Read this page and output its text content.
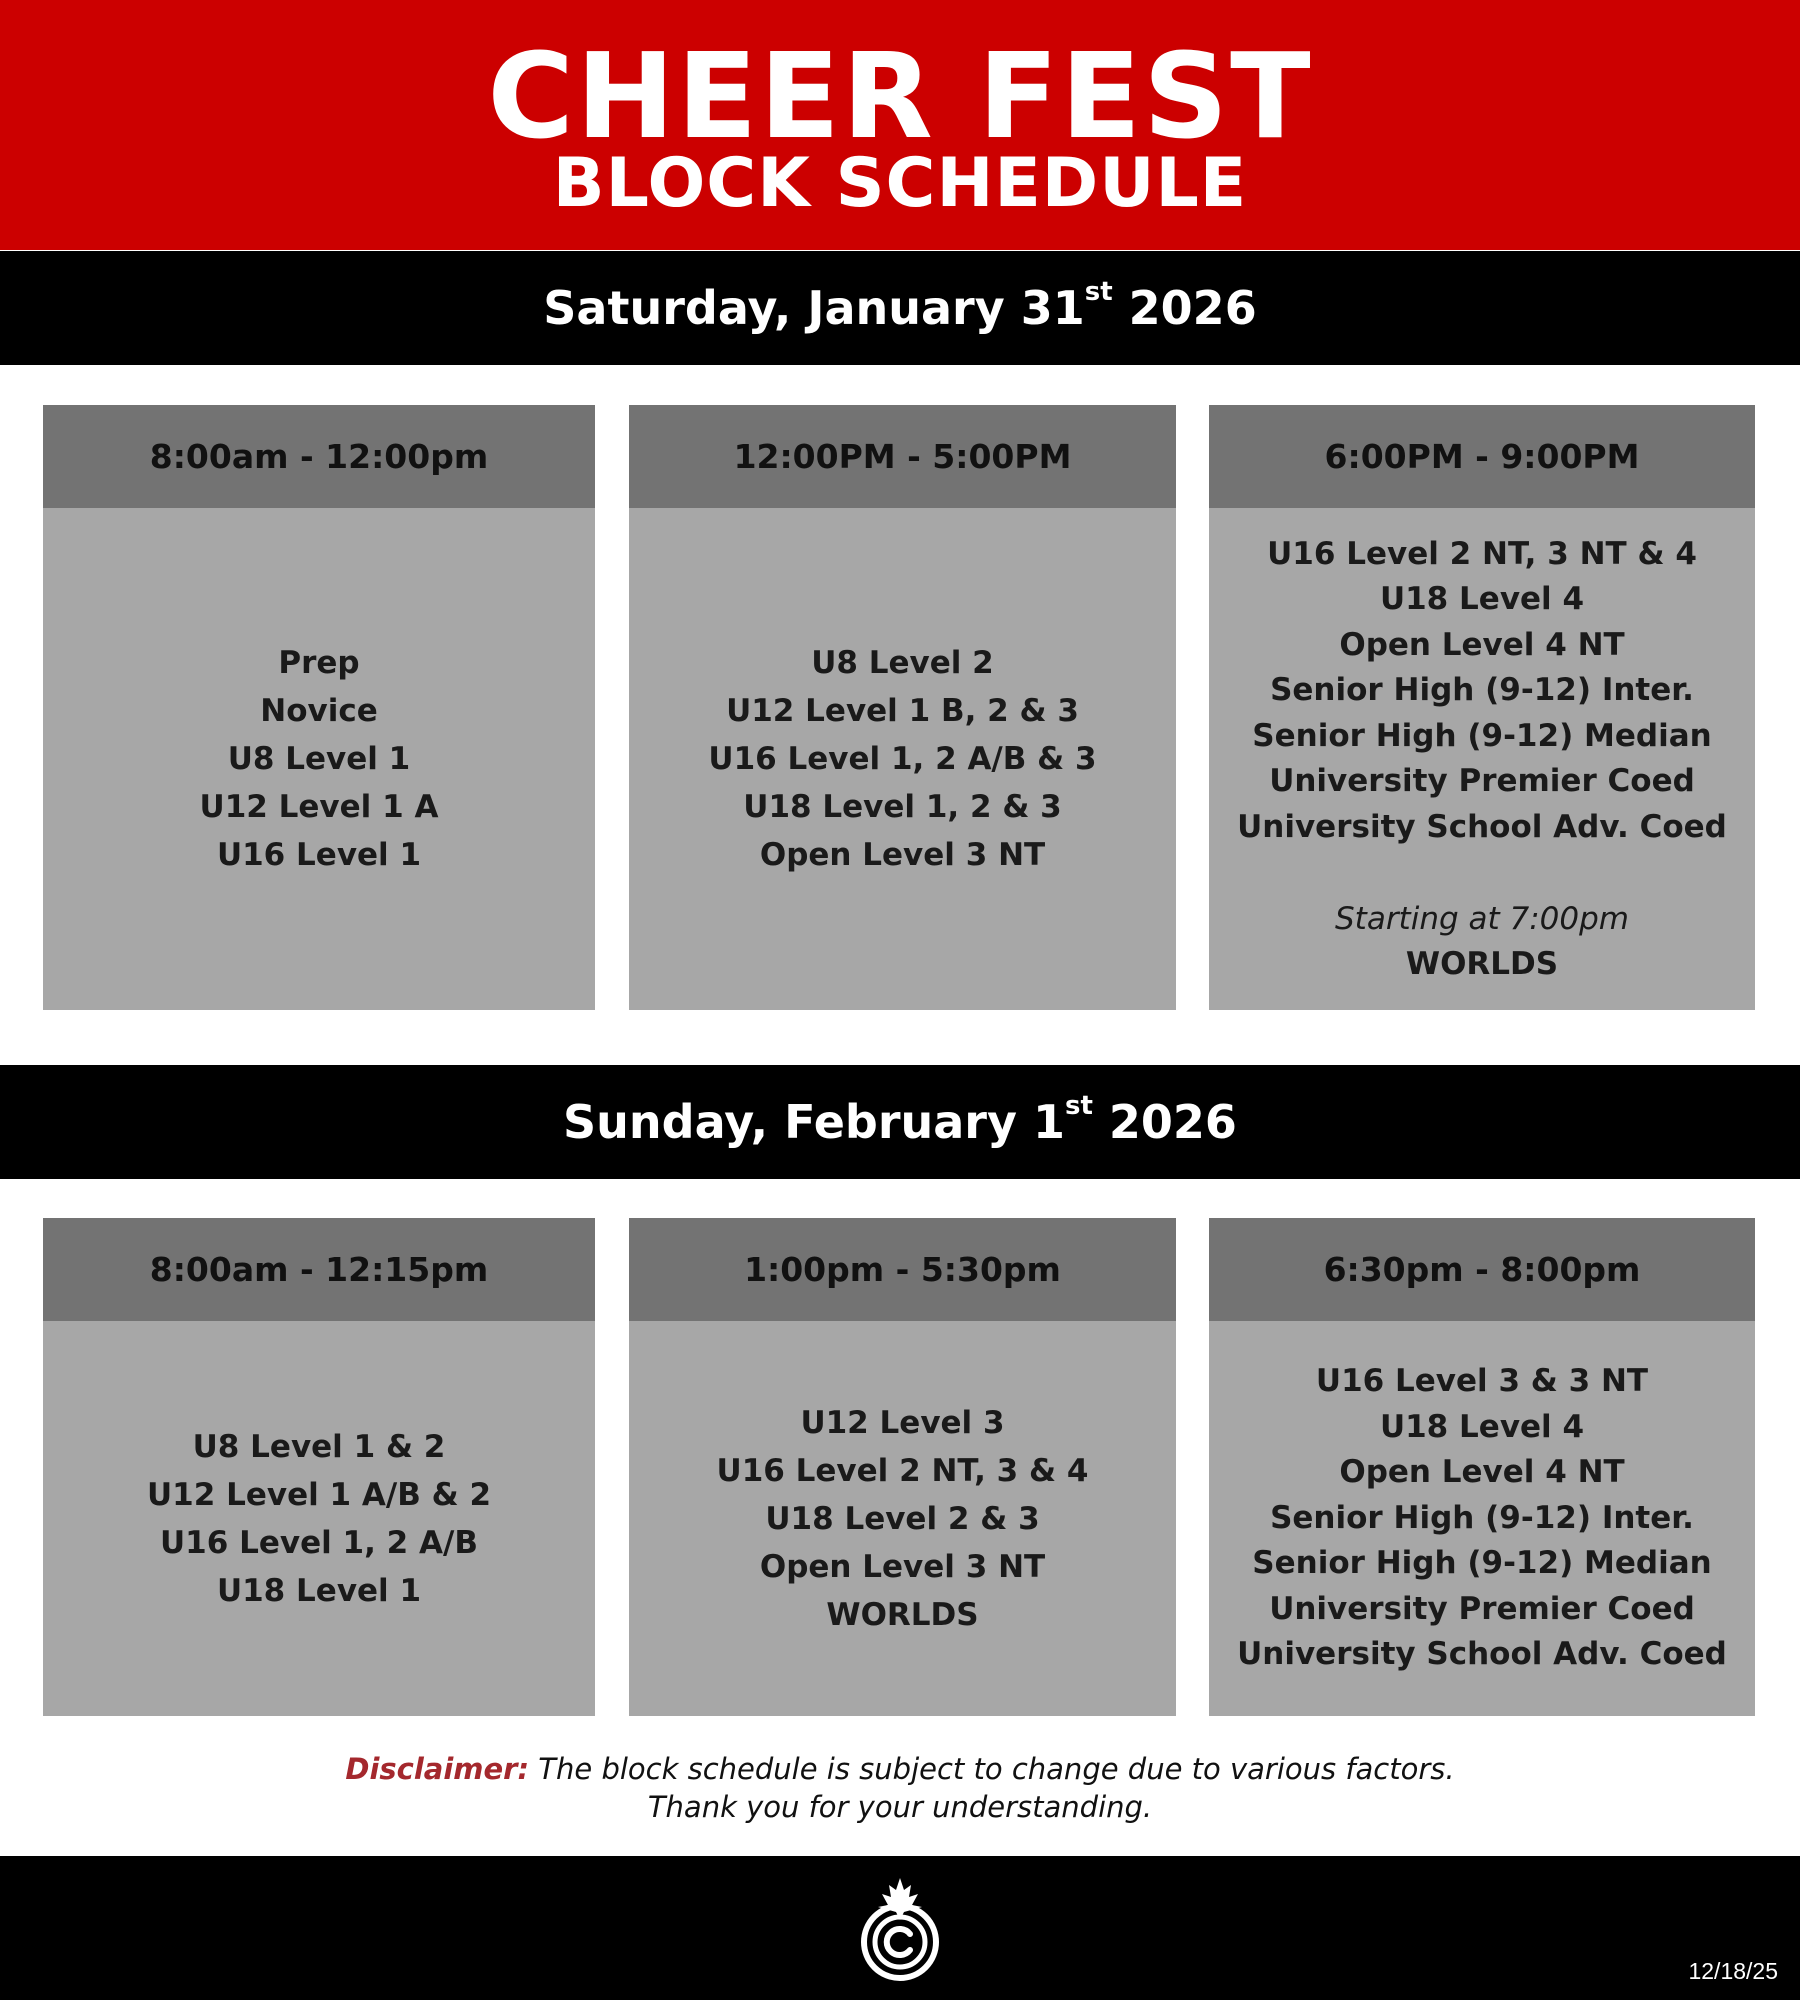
CHEER FEST
BLOCK SCHEDULE
Saturday, January 31st 2026
8:00am - 12:00pm
Prep
Novice
U8 Level 1
U12 Level 1 A
U16 Level 1
12:00PM - 5:00PM
U8 Level 2
U12 Level 1 B, 2 & 3
U16 Level 1, 2 A/B & 3
U18 Level 1, 2 & 3
Open Level 3 NT
6:00PM - 9:00PM
U16 Level 2 NT, 3 NT & 4
U18 Level 4
Open Level 4 NT
Senior High (9-12) Inter.
Senior High (9-12) Median
University Premier Coed
University School Adv. Coed
Starting at 7:00pm
WORLDS
Sunday, February 1st 2026
8:00am - 12:15pm
U8 Level 1 & 2
U12 Level 1 A/B & 2
U16 Level 1, 2 A/B
U18 Level 1
1:00pm - 5:30pm
U12 Level 3
U16 Level 2 NT, 3 & 4
U18 Level 2 & 3
Open Level 3 NT
WORLDS
6:30pm - 8:00pm
U16 Level 3 & 3 NT
U18 Level 4
Open Level 4 NT
Senior High (9-12) Inter.
Senior High (9-12) Median
University Premier Coed
University School Adv. Coed
Disclaimer: The block schedule is subject to change due to various factors.
Thank you for your understanding.
12/18/25
